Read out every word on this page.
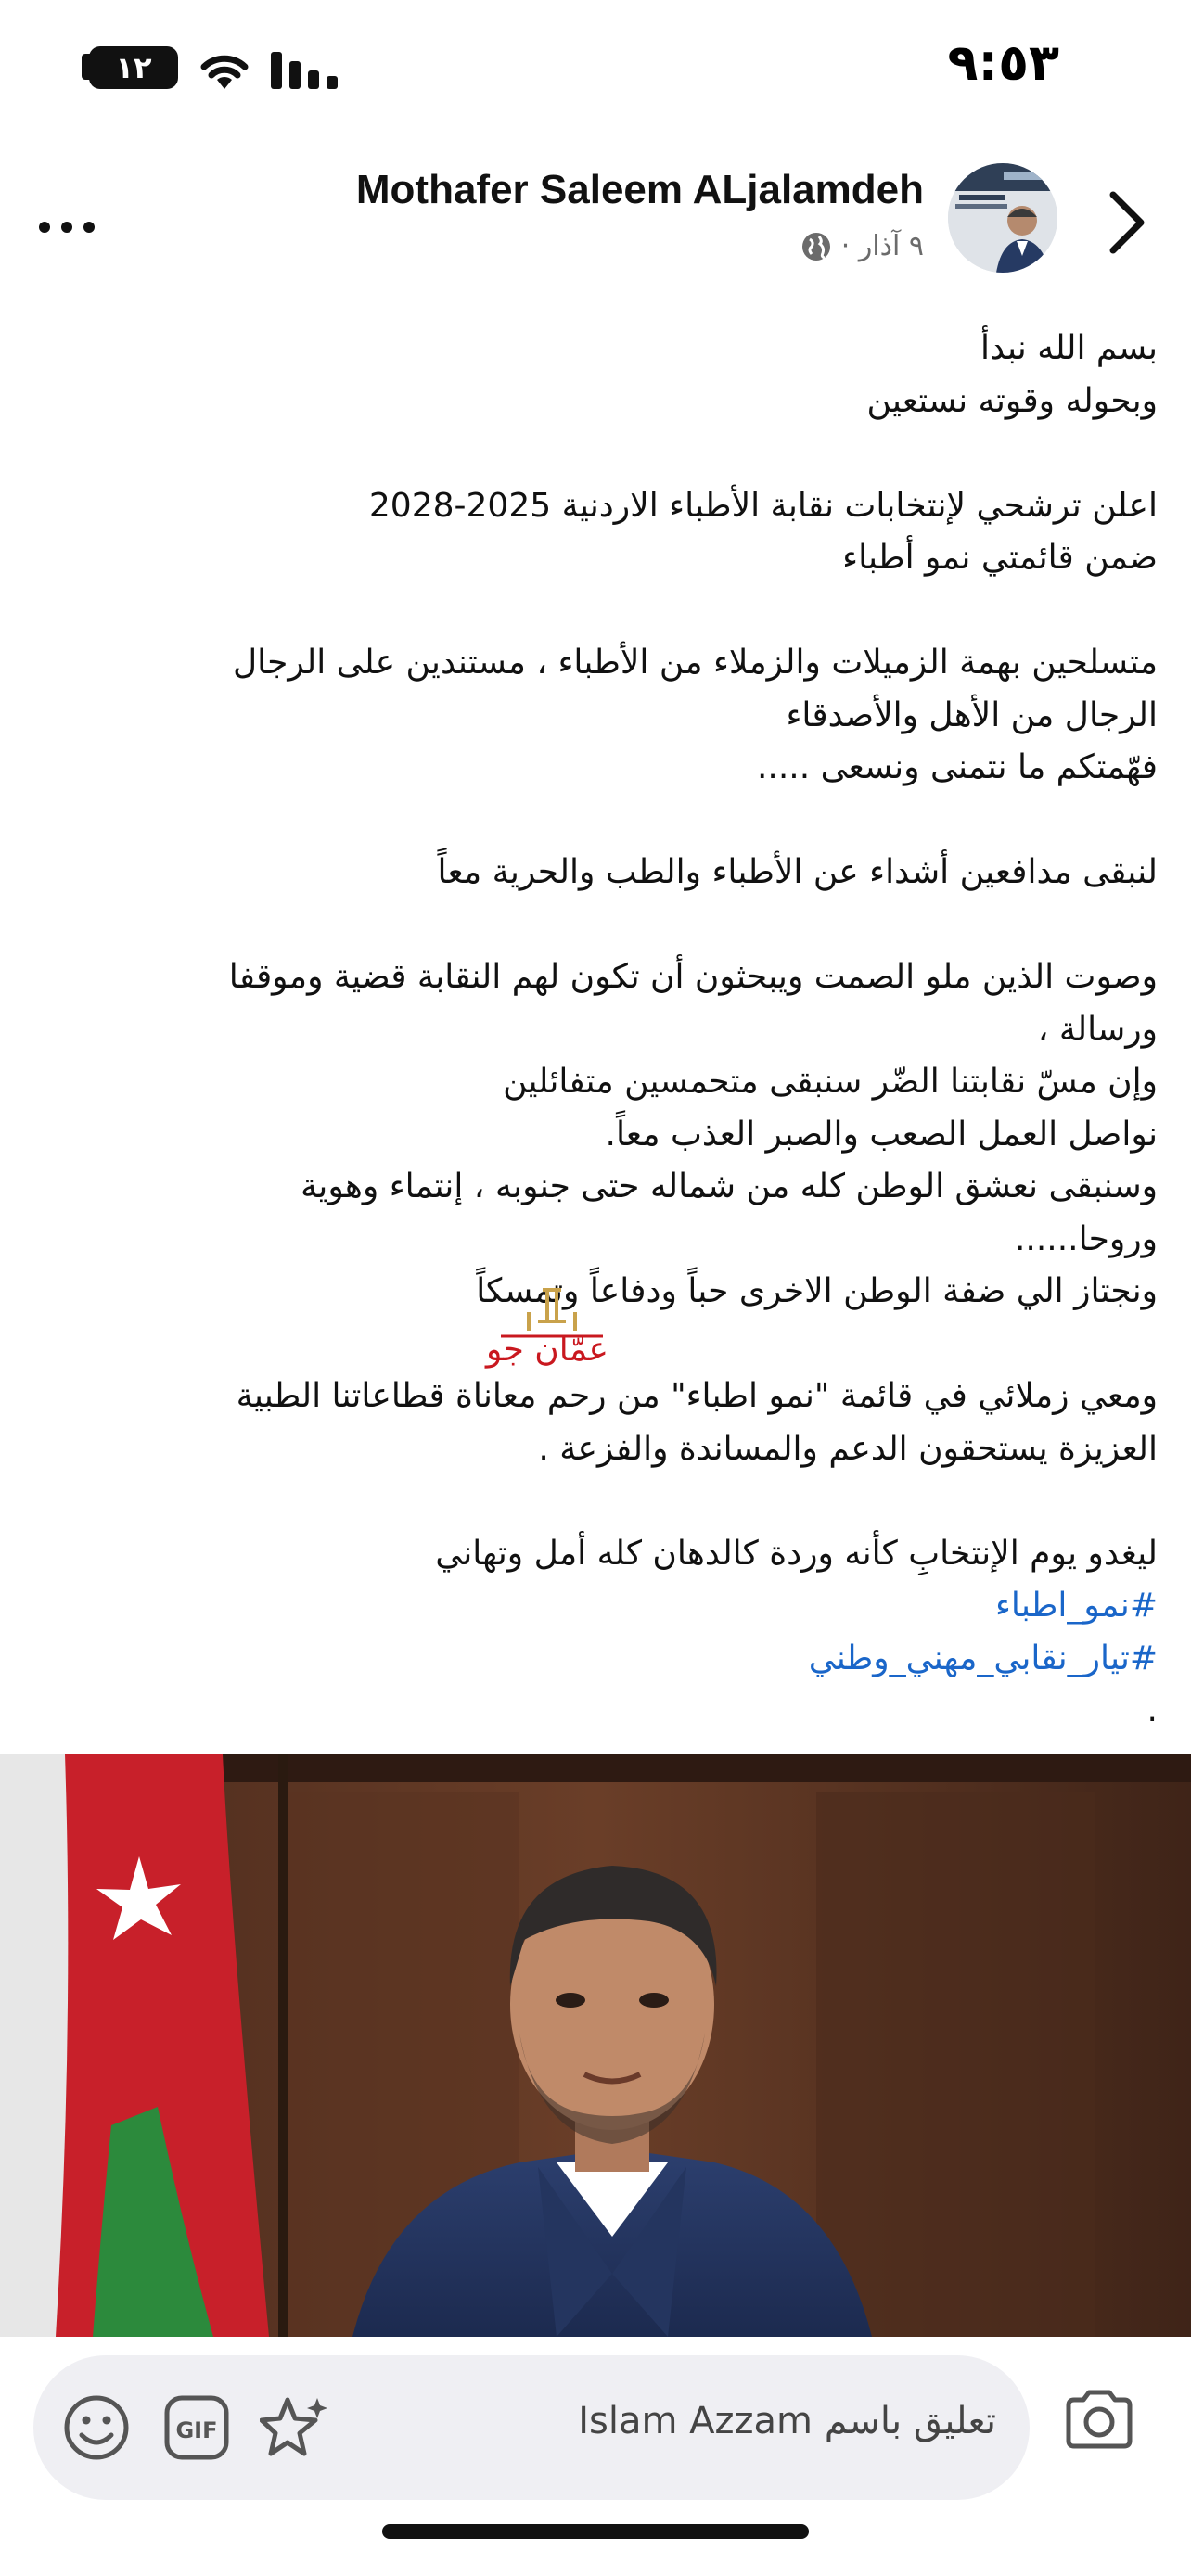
٩:٥٣
١٢
Mothafer Saleem ALjalamdeh
٩ آذار ·

بسم الله نبدأ

وبحوله وقوته نستعين

اعلن ترشحي لإنتخابات نقابة الأطباء الاردنية 2025-2028

ضمن قائمتي نمو أطباء

متسلحين بهمة الزميلات والزملاء من الأطباء ، مستندين على الرجال

الرجال من الأهل والأصدقاء

فهّمتكم ما نتمنى ونسعى .....

لنبقى مدافعين أشداء عن الأطباء والطب والحرية معاً

وصوت الذين ملو الصمت ويبحثون أن تكون لهم النقابة قضية وموقفا

ورسالة ،

وإن مسّ نقابتنا الضّر سنبقى متحمسين متفائلين

نواصل العمل الصعب والصبر العذب معاً.

وسنبقى نعشق الوطن كله من شماله حتى جنوبه ، إنتماء وهوية

وروحا......

ونجتاز الي ضفة الوطن الاخرى حباً ودفاعاً وتمسكاً

ومعي زملائي في قائمة "نمو اطباء" من رحم معاناة قطاعاتنا الطبية

العزيزة يستحقون الدعم والمساندة والفزعة .

ليغدو يوم الإنتخابِ كأنه وردة كالدهان كله أمل وتهاني

#نمو_اطباء

#تيار_نقابي_مهني_وطني

.

عمّان جو
تعليق باسم Islam Azzam
GIF
